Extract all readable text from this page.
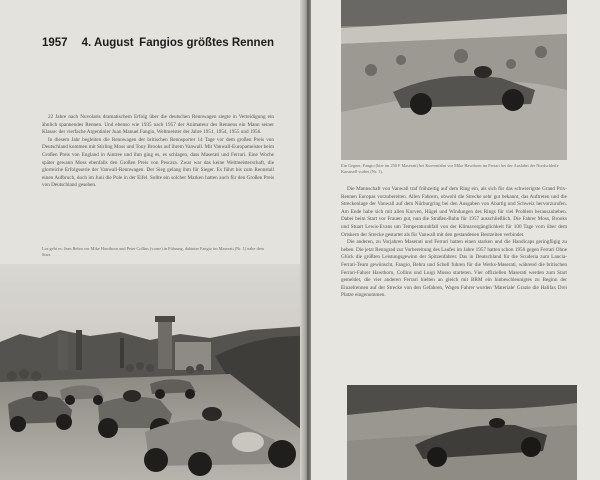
1957 4. August Fangios größtes Rennen

22 Jahre nach Nuvolaris dramatischem Erfolg über die deutschen Rennwagen siegte in Verteidigung ein ähnlich spannendes Rennen. Und ebenso wie 1935 nach 1957 der Animateur des Rennens ein Mann seiner Klasse: der vierfache Argentinier Juan Manuel Fangio, Weltmeister der Jahre 1951, 1954, 1955 und 1956.

In diesem Jahr begleiten die Rennwagen der britischen Rennsporter 14 Tage vor dem großen Preis von Deutschland kommen mit Stirling Moss und Tony Brooks auf ihrem Vanwall. Mit Vanwall-Europameister beim Großen Preis von England in Aintree und ihm ging es, es schlagen, dass Maserati und Ferrari. Eine Woche später gewann Moss ebenfalls den Großen Preis von Pescara. Zwar war das keine Weltmeisterschaft, die glorreiche Erfolgsserie der Vanwall-Rennwagen. Der Sieg gelang ihm für Sieger. Es führt bis zum Rennstall einen Aufbruch, doch im Juni die Pole in der Eifel. Sollte ein solcher Marken hatten auch für den Großen Preis von Deutschland gesehen.

Los geht es: Jean Behra vor Mike Hawthorn und Peter Collins (vorne) in Führung, dahinter Fangio im Maserati (Nr. 1) nahe dem Start.
Ein Gegner, Fangio (hier im 250 F Maserati) bei Kurvenfahrt vor Mike Hawthorn im Ferrari bei der Ausfahrt der Nordschleife Karussell vorbei (Nr. 1).

Die Mannschaft von Vanwall traf frühzeitig auf dem Ring ein, als sich für das schwierigste Grand Prix-Rennen Europas vorzubereiten. Allen Fahrern, obwohl die Strecke sehr gut bekannt, das Auftreten und die Streckenlage der Vanwall auf dem Nürburgring bei den Ausgaben von Abartig und Schweiz hervorzurufen. Am Ende habe sich mit allen Kurven, Hügel und Windungen des Rings für viel Problem herauszuheben. Dabei beim Start vor Frauen gut, nun die Straßen-Bahn für 1957 ausschließlich. Die Fahrer Moss, Brooks und Stuart Lewis-Evans um Temperaturabfall von der Klimavergänglichkeit für 100 Tage vorn über dem Ortskern der Strecke gestartet als für Vanwall mit den gestandenen Bestzeiten verbindet.

Die anderen, zu Vorjahren Maserati und Ferrari hatten einen starken und die Handicaps geringfügig zu heben. Die jetzt Renngrad zur Vorbereitung des Laufes im Jahre 1957 hatten schon 1956 gegen Ferrari Ohne Glück die größten Leistungsgewinn der Spitzenfahrer. Das in Deutschland für die Scuderia zum Lancia-Ferrari-Team gewünscht, Fangio, Behra und Schell fuhren für die Werks-Maserati, während die britischen Ferrari-Fahrer Hawthorn, Collins und Luigi Musso starteten. Vier offiziellen Maserati werden zum Start gemeldet, die vier anderen Ferrari hielten an gleich mit BRM ein hinbeschleunigtes zu Beginn der Einzelrennen auf der Strecke von den Gefahren, Wagen Fahrer wurden 'Materiale' Grazie die Halifax Drei Platze eingenommen.
